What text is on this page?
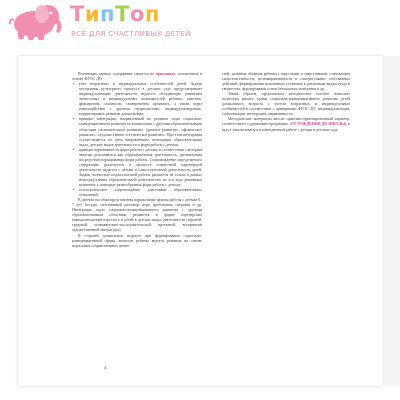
ТипТоп
ВСЁ ДЛЯ СЧАСТЛИВЫХ ДЕТЕЙ

Реализация данных содержания строится на принципах, положенных в основу ФГОС ДО:

• учет возрастных и индивидуальных особенностей детей. Задачи построения культурного процесса в детском саду предусматривает индивидуализацию деятельности педагога, обладающую развитием личностных и индивидуальных возможностей ребенка, замечать, фиксировать сложности, своевременно проявлять, а также через взаимодействие с другими специалистами, индивидуализировать, корректировать развитие дошкольника;
• принцип интеграции, направленный на решение задач социально-коммуникативного развития во взаимосвязи с другими образовательными областями «познавательное развитие», «речевое развитие», «физическое развитие», «художественно-эстетическое развитие». При этом интеграция осуществляется по трем направлениям: интеграция образовательных задач, детских видов деятельности и форм работы с детьми;
• принцип вариативности форм работы с детьми, в соответствии с которым занятия дополняются как образовательная деятельность, организуемая посредством варьирования форм работы. Сопровождение определяемого содержания реализуется в процессе совместной партнерской деятельности педагога с детьми и самостоятельной деятельности детей. Задачи полностью педагогической работы решаются не только в рамках непосредственно образовательной деятельности, но и в ходе режимных моментов, с помощью разнообразных форм работы с детьми;
• психологическое сопровождение участников образовательных отношений.

В данном пособии представлены парциальные формы работы с детьми 6–7 лет. Беседы, ситуативный разговор, игра, проблемная ситуация и др. Интеграция задач социально-коммуникативного развития с другими образовательными областями решаются в форме партнерских взаимоотношений взрослого и детей в детских видах деятельности (игровой, трудовой, познавательно-исследовательской, проектной, восприятии художественной литературы).

В старшем дошкольном возрасте при формировании социально-коммуникативной сферы личности ребенка ведется развитие на основе моральных и нравственных ценно-

стей; развития общения ребенка с взрослыми и сверстниками, становления самостоятельности, целенаправленности и саморегуляции собственных действий; формирования позитивных установок к различным видам труда и творчества, формирования основ безопасного поведения и др.

Таким образом, предлагаемое методическое пособие позволяет педагогам решать задачи социально-коммуникативного развития детей дошкольного возраста с учетом возрастных и индивидуальных особенностей в соответствии с принципами ФГОС ДО: индивидуализации, социализации, интеграции, вариативности.

Методические материалы вносят практико-ориентированный характер, соответствуют содержанию программы «ОТ РОЖДЕНИЯ ДО ШКОЛЫ» и могут использоваться в повседневной работе с детьми в детском саду.

4
